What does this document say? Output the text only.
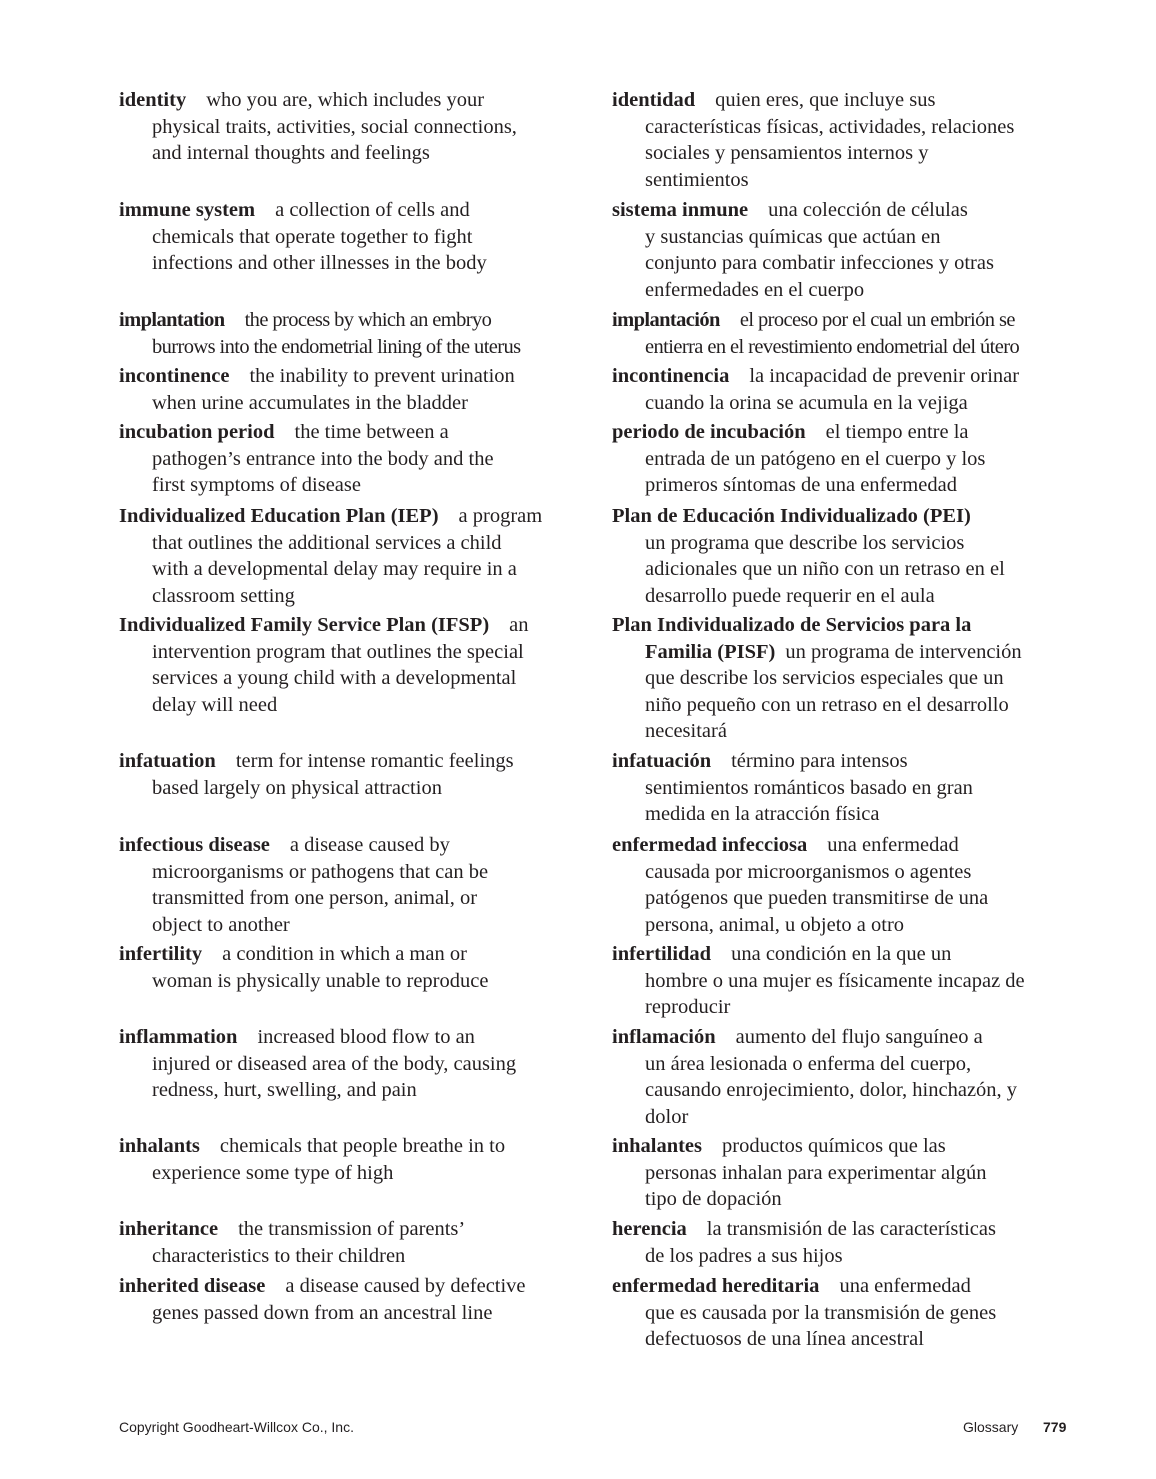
identity who you are, which includes your
physical traits, activities, social connections,
and internal thoughts and feelings
identidad quien eres, que incluye sus
características físicas, actividades, relaciones
sociales y pensamientos internos y
sentimientos
immune system a collection of cells and
chemicals that operate together to fight
infections and other illnesses in the body
sistema inmune una colección de células
y sustancias químicas que actúan en
conjunto para combatir infecciones y otras
enfermedades en el cuerpo
implantation the process by which an embryo
burrows into the endometrial lining of the uterus
implantación el proceso por el cual un embrión se
entierra en el revestimiento endometrial del útero
incontinence the inability to prevent urination
when urine accumulates in the bladder
incontinencia la incapacidad de prevenir orinar
cuando la orina se acumula en la vejiga
incubation period the time between a
pathogen’s entrance into the body and the
first symptoms of disease
periodo de incubación el tiempo entre la
entrada de un patógeno en el cuerpo y los
primeros síntomas de una enfermedad
Individualized Education Plan (IEP) a program
that outlines the additional services a child
with a developmental delay may require in a
classroom setting
Plan de Educación Individualizado (PEI)
un programa que describe los servicios
adicionales que un niño con un retraso en el
desarrollo puede requerir en el aula
Individualized Family Service Plan (IFSP) an
intervention program that outlines the special
services a young child with a developmental
delay will need
Plan Individualizado de Servicios para la
Familia (PISF) un programa de intervención
que describe los servicios especiales que un
niño pequeño con un retraso en el desarrollo
necesitará
infatuation term for intense romantic feelings
based largely on physical attraction
infatuación término para intensos
sentimientos románticos basado en gran
medida en la atracción física
infectious disease a disease caused by
microorganisms or pathogens that can be
transmitted from one person, animal, or
object to another
enfermedad infecciosa una enfermedad
causada por microorganismos o agentes
patógenos que pueden transmitirse de una
persona, animal, u objeto a otro
infertility a condition in which a man or
woman is physically unable to reproduce
infertilidad una condición en la que un
hombre o una mujer es físicamente incapaz de
reproducir
inflammation increased blood flow to an
injured or diseased area of the body, causing
redness, hurt, swelling, and pain
inflamación aumento del flujo sanguíneo a
un área lesionada o enferma del cuerpo,
causando enrojecimiento, dolor, hinchazón, y
dolor
inhalants chemicals that people breathe in to
experience some type of high
inhalantes productos químicos que las
personas inhalan para experimentar algún
tipo de dopación
inheritance the transmission of parents’
characteristics to their children
herencia la transmisión de las características
de los padres a sus hijos
inherited disease a disease caused by defective
genes passed down from an ancestral line
enfermedad hereditaria una enfermedad
que es causada por la transmisión de genes
defectuosos de una línea ancestral
Copyright Goodheart-Willcox Co., Inc.	Glossary 779
